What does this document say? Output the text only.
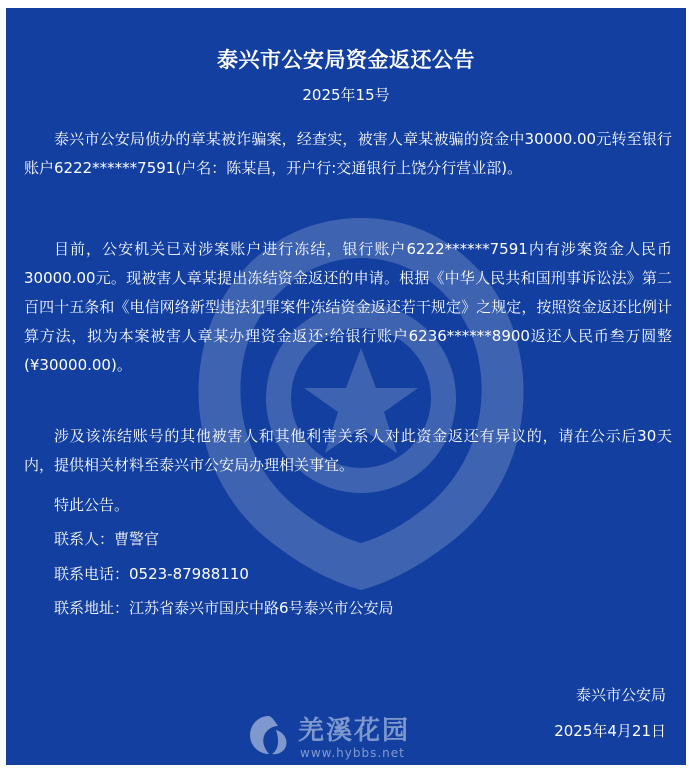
泰兴市公安局资金返还公告
2025年15号

泰兴市公安局侦办的章某被诈骗案，经查实，被害人章某被骗的资金中30000.00元转至银行账户6222******7591(户名：陈某昌，开户行:交通银行上饶分行营业部)。

目前，公安机关已对涉案账户进行冻结，银行账户6222******7591内有涉案资金人民币30000.00元。现被害人章某提出冻结资金返还的申请。根据《中华人民共和国刑事诉讼法》第二百四十五条和《电信网络新型违法犯罪案件冻结资金返还若干规定》之规定，按照资金返还比例计算方法，拟为本案被害人章某办理资金返还:给银行账户6236******8900返还人民币叁万圆整(¥30000.00)。

涉及该冻结账号的其他被害人和其他利害关系人对此资金返还有异议的，请在公示后30天内，提供相关材料至泰兴市公安局办理相关事宜。

特此公告。
联系人：曹警官
联系电话：0523-87988110
联系地址：江苏省泰兴市国庆中路6号泰兴市公安局
泰兴市公安局
2025年4月21日
羌溪花园
www.hybbs.net
